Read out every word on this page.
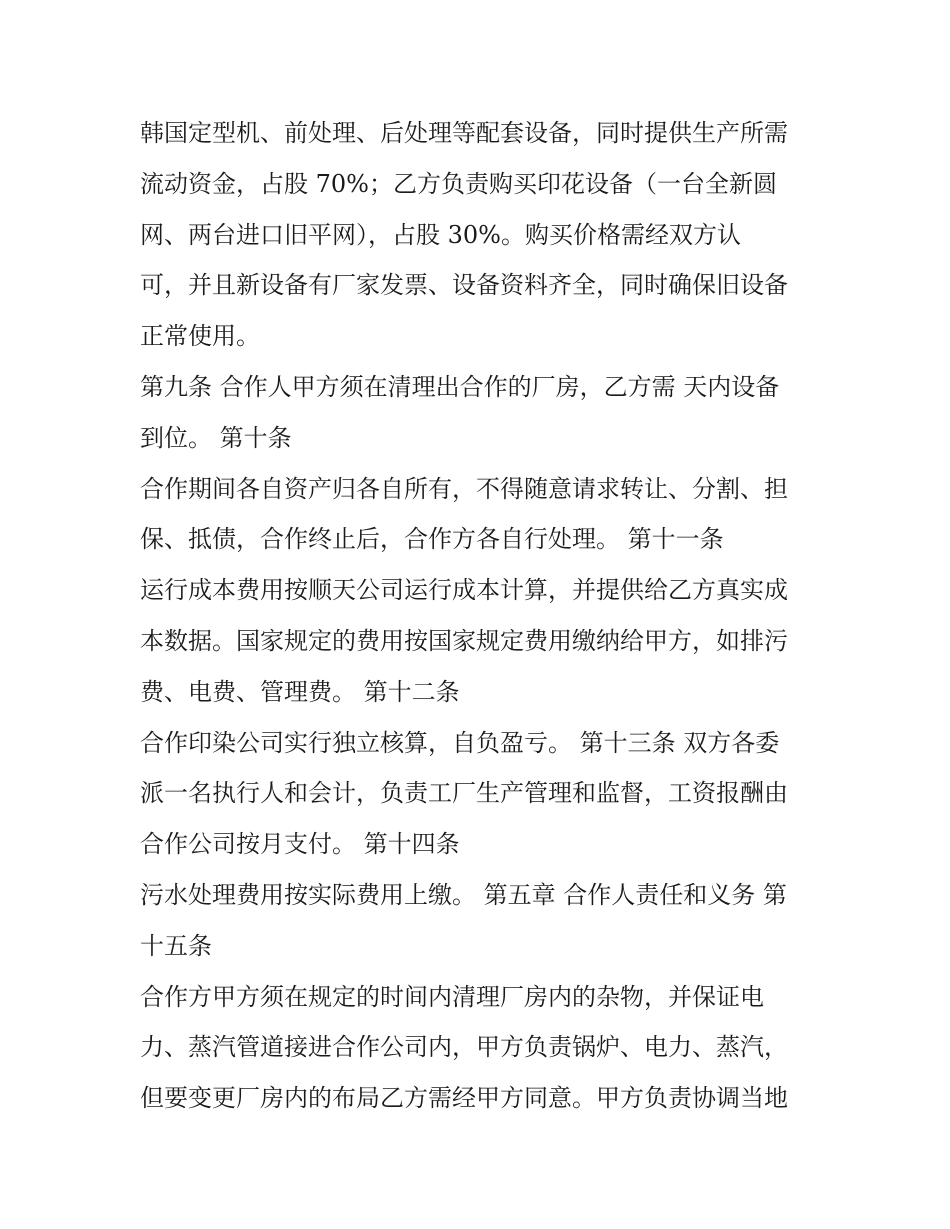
韩国定型机、前处理、后处理等配套设备，同时提供生产所需
流动资金，占股 70%；乙方负责购买印花设备（一台全新圆
网、两台进口旧平网），占股 30%。购买价格需经双方认
可，并且新设备有厂家发票、设备资料齐全，同时确保旧设备
正常使用。
第九条 合作人甲方须在清理出合作的厂房，乙方需 天内设备
到位。 第十条
合作期间各自资产归各自所有，不得随意请求转让、分割、担
保、抵债，合作终止后，合作方各自行处理。 第十一条
运行成本费用按顺天公司运行成本计算，并提供给乙方真实成
本数据。国家规定的费用按国家规定费用缴纳给甲方，如排污
费、电费、管理费。 第十二条
合作印染公司实行独立核算，自负盈亏。 第十三条 双方各委
派一名执行人和会计，负责工厂生产管理和监督，工资报酬由
合作公司按月支付。 第十四条
污水处理费用按实际费用上缴。 第五章 合作人责任和义务 第
十五条
合作方甲方须在规定的时间内清理厂房内的杂物，并保证电
力、蒸汽管道接进合作公司内，甲方负责锅炉、电力、蒸汽，
但要变更厂房内的布局乙方需经甲方同意。甲方负责协调当地
